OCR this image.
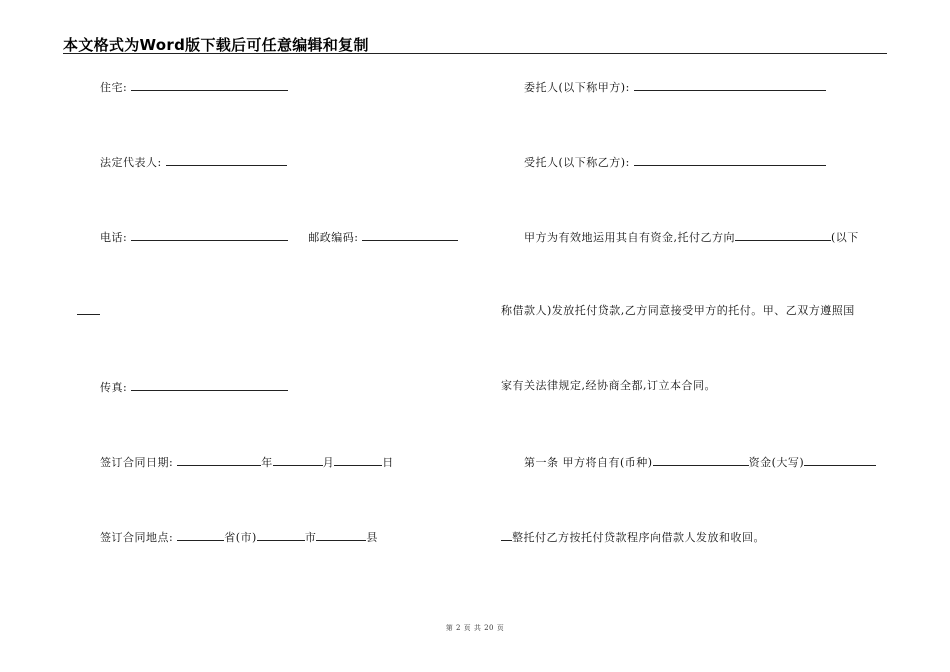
本文格式为Word版下载后可任意编辑和复制
住宅:
法定代表人:
电话:	邮政编码:
传真:
签订合同日期:	年	月	日
签订合同地点:	省(市)	市	县
委托人(以下称甲方):
受托人(以下称乙方):
甲方为有效地运用其自有资金,托付乙方向	(以下
称借款人)发放托付贷款,乙方同意接受甲方的托付。甲、乙双方遵照国
家有关法律规定,经协商全都,订立本合同。
第一条 甲方将自有(币种)	资金(大写)
整托付乙方按托付贷款程序向借款人发放和收回。
第 2 页 共 20 页
